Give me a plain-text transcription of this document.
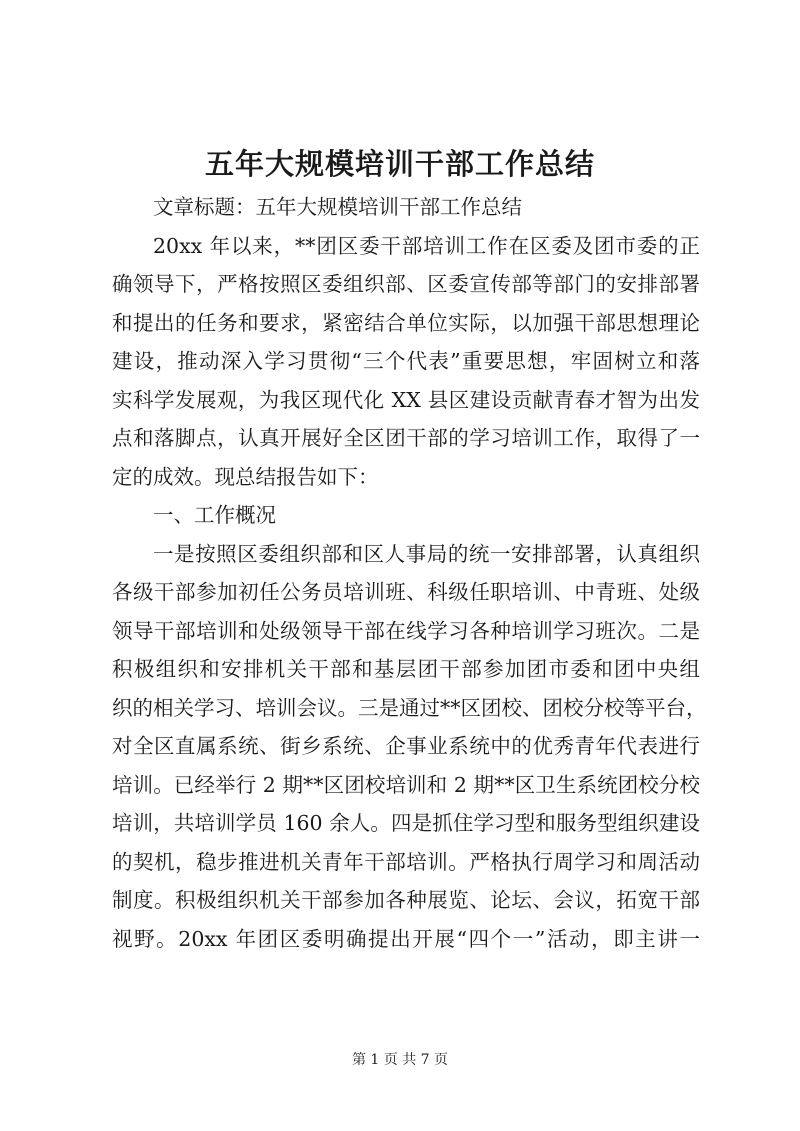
五年大规模培训干部工作总结
文章标题：五年大规模培训干部工作总结
20xx 年以来，**团区委干部培训工作在区委及团市委的正
确领导下，严格按照区委组织部、区委宣传部等部门的安排部署
和提出的任务和要求，紧密结合单位实际，以加强干部思想理论
建设，推动深入学习贯彻“三个代表”重要思想，牢固树立和落
实科学发展观，为我区现代化 XX 县区建设贡献青春才智为出发
点和落脚点，认真开展好全区团干部的学习培训工作，取得了一
定的成效。现总结报告如下：
一、工作概况
一是按照区委组织部和区人事局的统一安排部署，认真组织
各级干部参加初任公务员培训班、科级任职培训、中青班、处级
领导干部培训和处级领导干部在线学习各种培训学习班次。二是
积极组织和安排机关干部和基层团干部参加团市委和团中央组
织的相关学习、培训会议。三是通过**区团校、团校分校等平台，
对全区直属系统、街乡系统、企事业系统中的优秀青年代表进行
培训。已经举行 2 期**区团校培训和 2 期**区卫生系统团校分校
培训，共培训学员 160 余人。四是抓住学习型和服务型组织建设
的契机，稳步推进机关青年干部培训。严格执行周学习和周活动
制度。积极组织机关干部参加各种展览、论坛、会议，拓宽干部
视野。20xx 年团区委明确提出开展“四个一”活动，即主讲一
第 1 页 共 7 页
